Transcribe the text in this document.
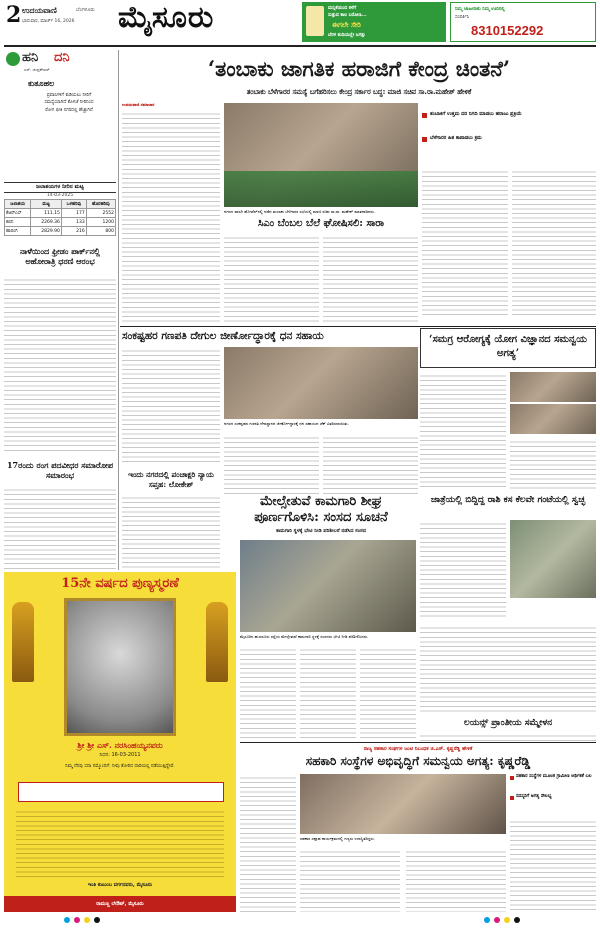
2 ಉದಯವಾಣಿ	ಬೆಂಗಳೂರು
ಭಾನುವಾರ, ಮಾರ್ಚ್ 16, 2026 ಮೈಸೂರು	ಮನ್ನಿಕೆಯಿಂದ ಕಳೆಗೆ
ಸುತ್ತುವ ಕಾಲ ಬರೋಣ...
ಈಗಲೇ ಸೇರಿ
ಬೆರಳ ತುದಿಯಲ್ಲೇ ಜಗತ್ತು
ನಿಮ್ಮ ಜಾಹೀರಾತು ನಿಮ್ಮ ಊರಿನಲ್ಲಿ
ಸಂಪರ್ಕಿಸಿ
8310152292
ಹನಿ ದನಿ
ಎಸ್. ಚಂದ್ರಶೇಖರ್
ಕುತೂಹಲ
ಪ್ರವಾಸಿಗಳಿಗೆ ಕುಡಿಯಲು ನೀರಿಗೆ ಸಮಸ್ಯೆಯಾಗಿದೆ ಕೊಳಚೆ ನೀರಿನಿಂದ ರೋಗ ಭೀತಿ ನಗರದಲ್ಲಿ ಹೆಚ್ಚಾಗಿದೆ
ಜಲಾಶಯಗಳ ನೀರಿನ ಮಟ್ಟ
14-03-2025
ಜಲಾಶಯ	ಮಟ್ಟ	ಒಳಹರಿವು	ಹೊರಹರಿವು
ಕೆಆರ್‌ಎಸ್	111.15	177	2552
ಕಬಿನಿ	2269.36	133	1200
ಹಾರಂಗಿ	2829.90	216	800
ನಾಳೆಯಿಂದ ಫ್ರೀಡಂ ಪಾರ್ಕ್‌ನಲ್ಲಿ ಅಹೋರಾತ್ರಿ ಧರಣಿ ಆರಂಭ
17ರಂದು ರಂಗ ಪದವೀಧರ ಸಮಾರೋಪ ಸಮಾರಂಭ
‘ತಂಬಾಕು ಜಾಗತಿಕ ಹರಾಜಿಗೆ ಕೇಂದ್ರ ಚಿಂತನೆ’
ತಂಬಾಕು ಬೆಳೆಗಾರರ ಸಮಸ್ಯೆ ಬಗೆಹರಿಸಲು ಕೇಂದ್ರ ಸರ್ಕಾರ ಬದ್ಧ: ಮಾಜಿ ಸಚಿವ ಸಾ.ರಾ.ಮಹೇಶ್ ಹೇಳಿಕೆ
ಉದಯವಾಣಿ ಸಮಾಚಾರ
ನಗರದ ಖಾಸಗಿ ಹೋಟೆಲ್‌ನಲ್ಲಿ ನಡೆದ ತಂಬಾಕು ಬೆಳೆಗಾರರ ಸಭೆಯಲ್ಲಿ ಮಾಜಿ ಸಚಿವ ಸಾ.ರಾ. ಮಹೇಶ್ ಮಾತನಾಡಿದರು.
ತಂಬಾಕಿಗೆ ಉತ್ತಮ ದರ ನಿಗದಿ ಮಾಡಲು ಹರಾಜು ಪ್ರಕ್ರಿಯೆ
ಬೆಳೆಗಾರರ ಹಿತ ಕಾಪಾಡಲು ಕ್ರಮ
ಸಿಎಂ ಬೆಂಬಲ ಬೆಲೆ ಘೋಷಿಸಲಿ: ಸಾರಾ
ಸಂಕಷ್ಟಹರ ಗಣಪತಿ ದೇಗುಲ ಜೀರ್ಣೋದ್ಧಾರಕ್ಕೆ ಧನ ಸಹಾಯ
ನಗರದ ಸಂಕಷ್ಟಹರ ಗಣಪತಿ ದೇವಸ್ಥಾನದ ಜೀರ್ಣೋದ್ಧಾರಕ್ಕೆ ಧನ ಸಹಾಯದ ಚೆಕ್ ವಿತರಿಸಲಾಯಿತು.
‘ಸಮಗ್ರ ಆರೋಗ್ಯಕ್ಕೆ ಯೋಗ ವಿಜ್ಞಾನದ ಸಮನ್ವಯ ಅಗತ್ಯ’
ಇಂದು ನಗರದಲ್ಲಿ ಪಂಚಾಕ್ಷರಿ ನ್ಯಾಯ ಸಪ್ತಹ: ಲೋಕೇಶ್
ಮೇಲ್ಸೇತುವೆ ಕಾಮಗಾರಿ ಶೀಘ್ರ
ಪೂರ್ಣಗೊಳಿಸಿ: ಸಂಸದ ಸೂಚನೆ
ಕಾಮಗಾರಿ ಸ್ಥಳಕ್ಕೆ ಭೇಟಿ ನೀಡಿ ಪರಿಶೀಲನೆ ನಡೆಸಿದ ಸಂಸದ
ಜಾತ್ರೆಯಲ್ಲಿ ಬಿದ್ದಿದ್ದ ರಾಶಿ ಕಸ ಕೆಲವೇ ಗಂಟೆಯಲ್ಲಿ ಸ್ವಚ್ಛ
15ನೇ ವರ್ಷದ ಪುಣ್ಯಸ್ಮರಣೆ
ಶ್ರೀ ಶ್ರೀ ಎಸ್. ನರಸಿಂಹಯ್ಯನವರು
ನಿಧನ: 16-03-2011
ನಿಮ್ಮ ನೆನಪು ಸದಾ ನಮ್ಮೊಂದಿಗೆ. ನೀವು ತೋರಿದ ದಾರಿಯಲ್ಲಿ ನಡೆಯುತ್ತಿದ್ದೇವೆ.
ಇಂತಿ ಕುಟುಂಬ ವರ್ಗದವರು, ಮೈಸೂರು
ರಾಮಣ್ಣ ಲೇಔಟ್, ಮೈಸೂರು
ಮೈಸೂರಿನ ಹುಣಸೂರು ರಸ್ತೆಯ ಮೇಲ್ಸೇತುವೆ ಕಾಮಗಾರಿ ಸ್ಥಳಕ್ಕೆ ಸಂಸದರು ಭೇಟಿ ನೀಡಿ ಪರಿಶೀಲಿಸಿದರು.
ಲಯನ್ಸ್ ಪ್ರಾಂತೀಯ ಸಮ್ಮೇಳನ
ರಾಜ್ಯ ಸಹಕಾರ ಸಂಘಗಳ ಜಂಟಿ ನಿಬಂಧಕ ಜಿ.ಎಸ್. ಕೃಷ್ಣರೆಡ್ಡಿ ಹೇಳಿಕೆ
ಸಹಕಾರಿ ಸಂಸ್ಥೆಗಳ ಅಭಿವೃದ್ಧಿಗೆ ಸಮನ್ವಯ ಅಗತ್ಯ: ಕೃಷ್ಣರೆಡ್ಡಿ
ಸಹಕಾರ ಸಪ್ತಾಹ ಕಾರ್ಯಕ್ರಮದಲ್ಲಿ ಗಣ್ಯರು ಉಪಸ್ಥಿತರಿದ್ದರು.
ಸಹಕಾರ ಸಂಸ್ಥೆಗಳ ಮೂಲಕ ಗ್ರಾಮೀಣ ಆರ್ಥಿಕತೆ ಬಲ
ಸದಸ್ಯರಿಗೆ ಅಗತ್ಯ ಸೌಲಭ್ಯ
